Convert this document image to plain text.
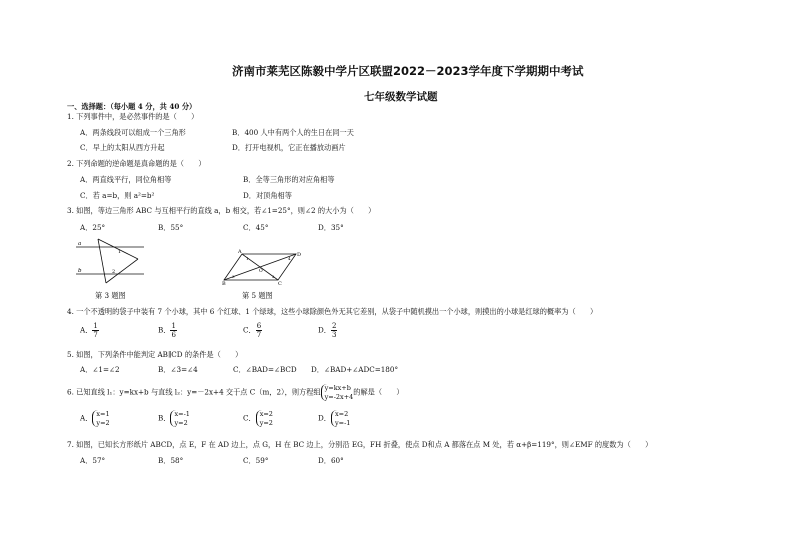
济南市莱芜区陈毅中学片区联盟2022－2023学年度下学期期中考试
七年级数学试题
一、选择题：（每小题 4 分，共 40 分）
1. 下列事件中，是必然事件的是（　　）
A．两条线段可以组成一个三角形	B．400 人中有两个人的生日在同一天
C．早上的太阳从西方升起	D．打开电视机，它正在播放动画片
2. 下列命题的逆命题是真命题的是（　　）
A．两直线平行，同位角相等	B．全等三角形的对应角相等
C．若 a=b，则 a²=b²	D．对顶角相等
3. 如图，等边三角形 ABC 与互相平行的直线 a，b 相交，若∠1=25°，则∠2 的大小为（　　）
A．25°	B．55°	C．45°	D．35°
a
b
1
2
第 3 题图
A	D
B	C
O
1	4
3	2
第 5 题图
4. 一个不透明的袋子中装有 7 个小球，其中 6 个红球、1 个绿球，这些小球除颜色外无其它差别，从袋子中随机摸出一个小球，则摸出的小球是红球的概率为（　　）
A． $\frac{1}{7}$	B． $\frac{1}{6}$	C． $\frac{6}{7}$	D． $\frac{2}{3}$
5. 如图，下列条件中能判定 AB∥CD 的条件是（　　）
A．∠1=∠2	B．∠3=∠4	C．∠BAD=∠BCD D．∠BAD+∠ADC=180°
6. 已知直线 l₁：y=kx+b 与直线 l₂：y=－2x+4 交于点 C（m，2），则方程组 y=kx+b
y=-2x+4的解是（　　）
A． x=1
y=2	B． x=-1
y=2	C． x=2
y=2	D． x=2
y=-1
7. 如图，已知长方形纸片 ABCD，点 E，F 在 AD 边上，点 G，H 在 BC 边上，分别沿 EG，FH 折叠，使点 D和点 A 都落在点 M 处，若 α+β=119°，则∠EMF 的度数为（　　）
A．57°	B．58°	C．59°	D．60°
